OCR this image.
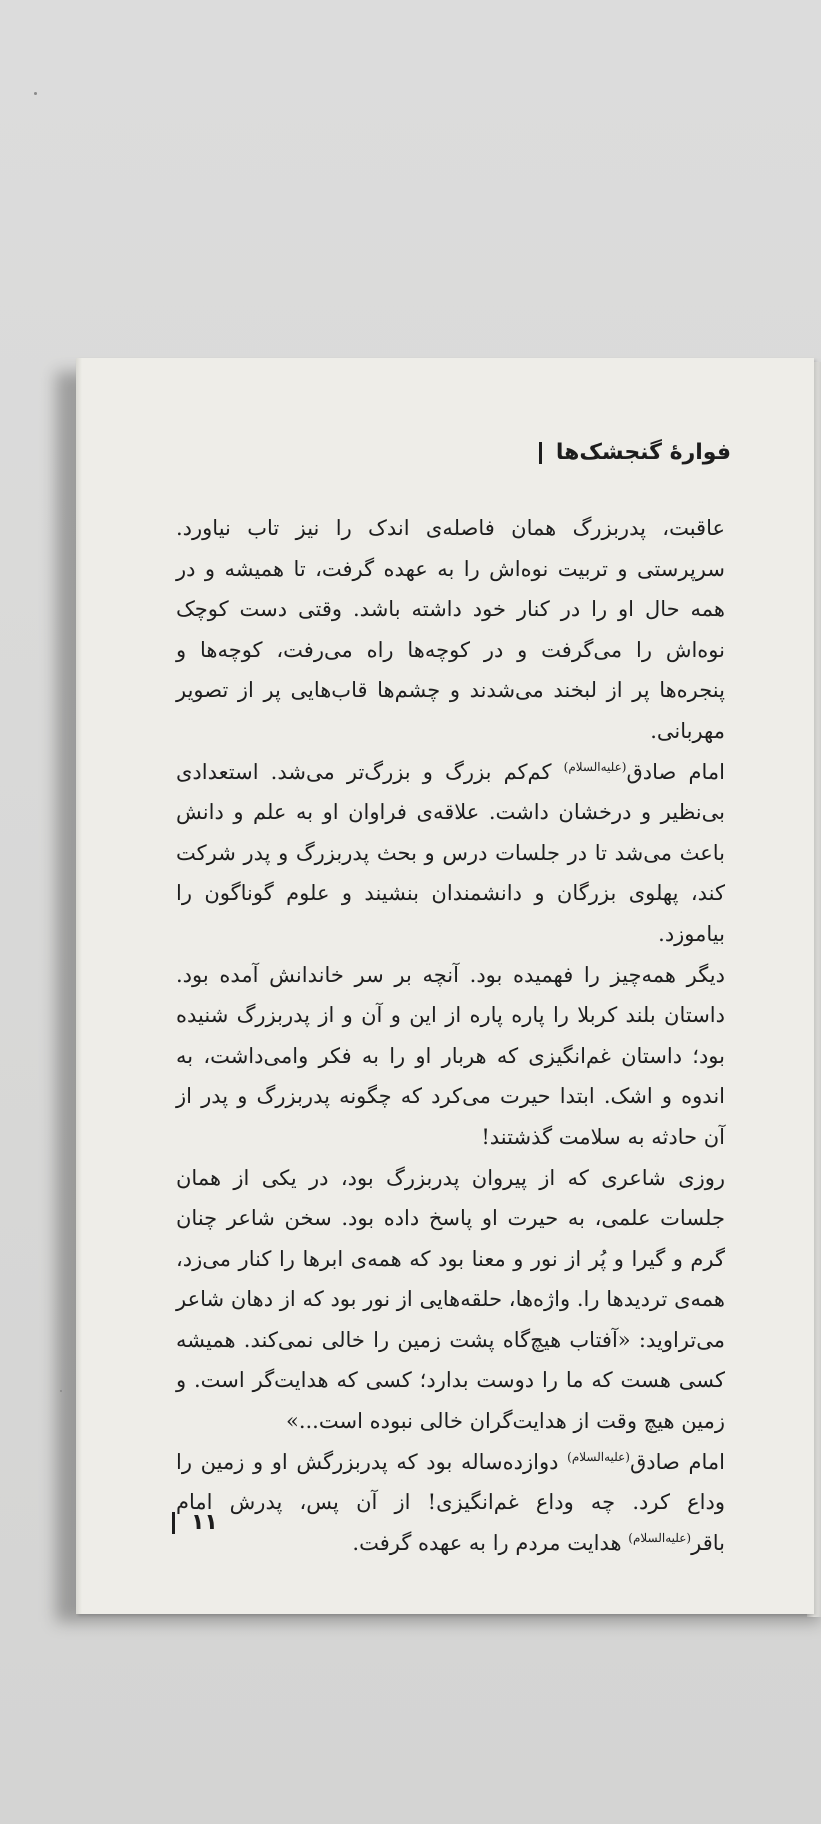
فوارهٔ گنجشک‌ها

عاقبت، پدربزرگ همان فاصله‌ی اندک را نیز تاب نیاورد. سرپرستی و تربیت نوه‌اش را به عهده گرفت، تا همیشه و در همه حال او را در کنار خود داشته باشد. وقتی دست کوچک نوه‌اش را می‌گرفت و در کوچه‌ها راه می‌رفت، کوچه‌ها و پنجره‌ها پر از لبخند می‌شدند و چشم‌ها قاب‌هایی پر از تصویر مهربانی.

امام صادق$^{(علیه‌السلام)}$ کم‌کم بزرگ و بزرگ‌تر می‌شد. استعدادی بی‌نظیر و درخشان داشت. علاقه‌ی فراوان او به علم و دانش باعث می‌شد تا در جلسات درس و بحث پدربزرگ و پدر شرکت کند، پهلوی بزرگان و دانشمندان بنشیند و علوم گوناگون را بیاموزد.

دیگر همه‌چیز را فهمیده بود. آنچه بر سر خاندانش آمده بود. داستان بلند کربلا را پاره پاره از این و آن و از پدربزرگ شنیده بود؛ داستان غم‌انگیزی که هربار او را به فکر وامی‌داشت، به اندوه و اشک. ابتدا حیرت می‌کرد که چگونه پدربزرگ و پدر از آن حادثه به سلامت گذشتند!

روزی شاعری که از پیروان پدربزرگ بود، در یکی از همان جلسات علمی، به حیرت او پاسخ داده بود. سخن شاعر چنان گرم و گیرا و پُر از نور و معنا بود که همه‌ی ابرها را کنار می‌زد، همه‌ی تردیدها را. واژه‌ها، حلقه‌هایی از نور بود که از دهان شاعر می‌تراوید: «آفتاب هیچ‌گاه پشت زمین را خالی نمی‌کند. همیشه کسی هست که ما را دوست بدارد؛ کسی که هدایت‌گر است. و زمین هیچ وقت از هدایت‌گران خالی نبوده است...»

امام صادق$^{(علیه‌السلام)}$ دوازده‌ساله بود که پدربزرگش او و زمین را وداع کرد. چه وداع غم‌انگیزی! از آن پس، پدرش امام باقر$^{(علیه‌السلام)}$ هدایت مردم را به عهده گرفت.

۱۱
